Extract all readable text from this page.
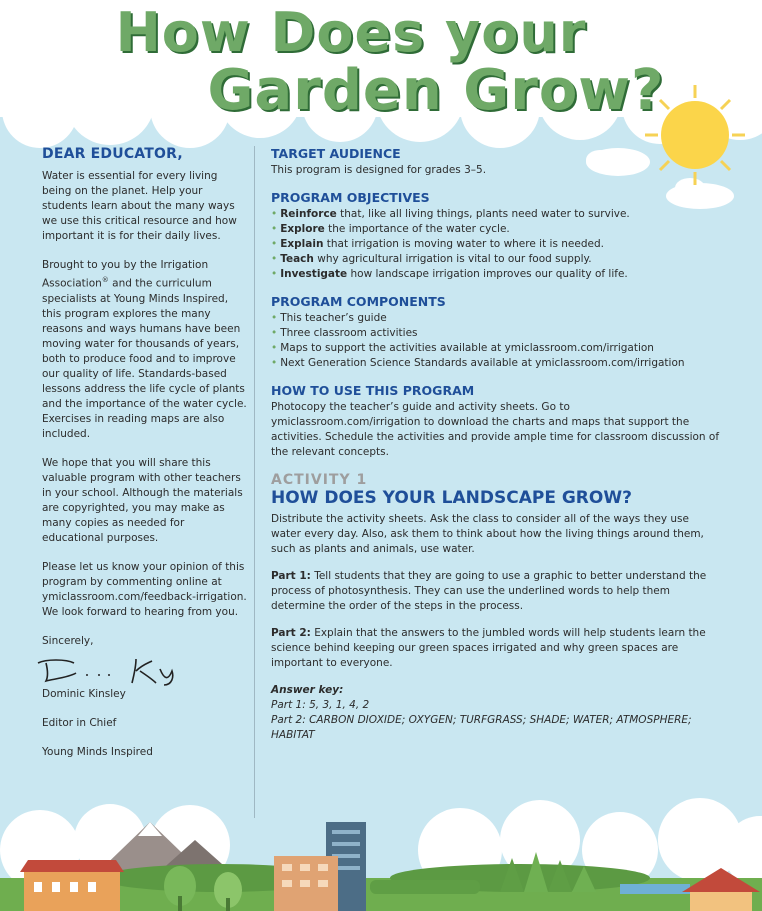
How Does your
Garden Grow?
DEAR EDUCATOR,

Water is essential for every living being on the planet. Help your students learn about the many ways we use this critical resource and how important it is for their daily lives.

Brought to you by the Irrigation Association® and the curriculum specialists at Young Minds Inspired, this program explores the many reasons and ways humans have been moving water for thousands of years, both to produce food and to improve our quality of life. Standards-based lessons address the life cycle of plants and the importance of the water cycle. Exercises in reading maps are also included.

We hope that you will share this valuable program with other teachers in your school. Although the materials are copyrighted, you may make as many copies as needed for educational purposes.

Please let us know your opinion of this program by commenting online at ymiclassroom.com/feedback-irrigation. We look forward to hearing from you.

Sincerely,

Dominic Kinsley

Editor in Chief

Young Minds Inspired

TARGET AUDIENCE

This program is designed for grades 3–5.

PROGRAM OBJECTIVES
• Reinforce that, like all living things, plants need water to survive.
• Explore the importance of the water cycle.
• Explain that irrigation is moving water to where it is needed.
• Teach why agricultural irrigation is vital to our food supply.
• Investigate how landscape irrigation improves our quality of life.
PROGRAM COMPONENTS
• This teacher’s guide
• Three classroom activities
• Maps to support the activities available at ymiclassroom.com/irrigation
• Next Generation Science Standards available at ymiclassroom.com/irrigation
HOW TO USE THIS PROGRAM

Photocopy the teacher’s guide and activity sheets. Go to ymiclassroom.com/irrigation to download the charts and maps that support the activities. Schedule the activities and provide ample time for classroom discussion of the relevant concepts.

ACTIVITY 1
HOW DOES YOUR LANDSCAPE GROW?

Distribute the activity sheets. Ask the class to consider all of the ways they use water every day. Also, ask them to think about how the living things around them, such as plants and animals, use water.

Part 1: Tell students that they are going to use a graphic to better understand the process of photosynthesis. They can use the underlined words to help them determine the order of the steps in the process.

Part 2: Explain that the answers to the jumbled words will help students learn the science behind keeping our green spaces irrigated and why green spaces are important to everyone.

Answer key:

Part 1: 5, 3, 1, 4, 2

Part 2: CARBON DIOXIDE; OXYGEN; TURFGRASS; SHADE; WATER; ATMOSPHERE; HABITAT
